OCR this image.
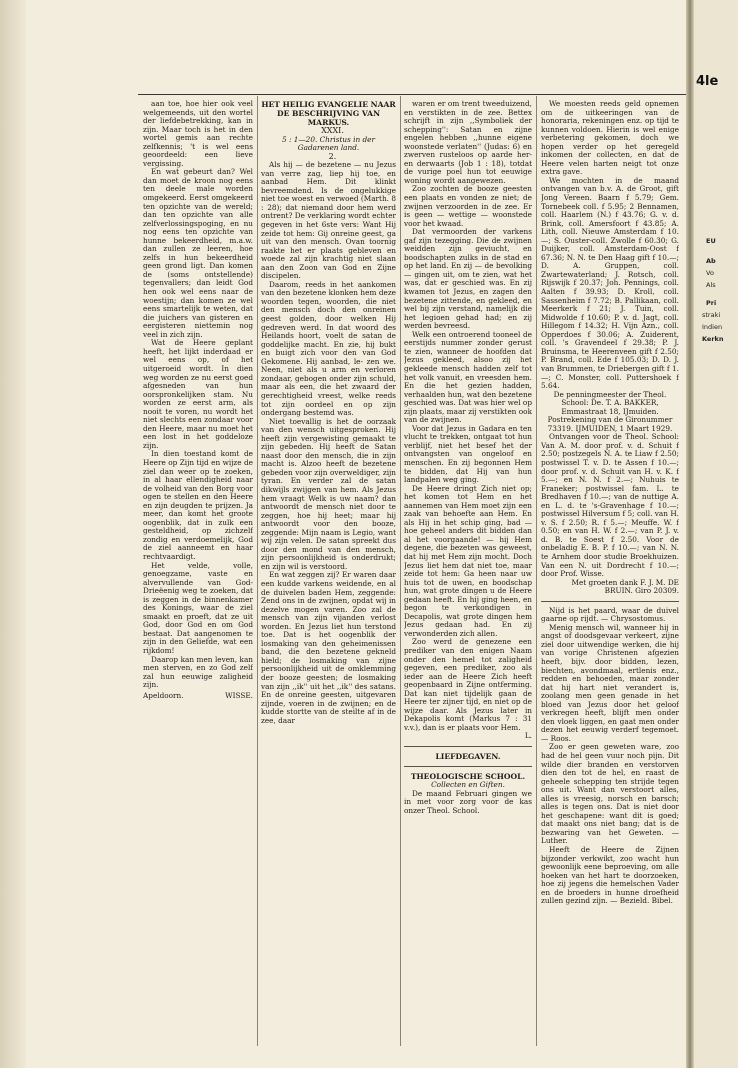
aan toe, hoe hier ook veel welgemeends, uit den wortel der liefdebetrekking, kan in zijn. Maar toch is het in den wortel gemis aan rechte zelfkennis; 't is wel eens geoordeeld: een lieve vergissing.

En wat gebeurt dan? Wel dan moet de kroon nog eens ten deele male worden omgekeerd. Eerst omgekeerd ten opzichte van de wereld; dan ten opzichte van alle zelfverlossingspoging, en nu nog eens ten opzichte van hunne bekeerdheid, m.a.w. dan zullen ze leeren, hoe zelfs in hun bekeerdheid geen grond ligt. Dan komen de (soms ontstellende) tegenvallers; dan leidt God hen ook wel eens naar de woestijn; dan komen ze wel eens smartelijk te weten, dat die juichers van gisteren en eergisteren niettemin nog veel in zich zijn.

Wat de Heere geplant heeft, het lijkt inderdaad er wel eens op, of het uitgeroeid wordt. In dien weg worden ze nu eerst goed afgesneden van hun oorspronkelijken stam. Nu worden ze eerst arm, als nooit te voren, nu wordt het niet slechts een zondaar voor den Heere, maar nu moet het een lost in het goddeloze zijn.

In dien toestand komt de Heere op Zijn tijd en wijze de ziel dan weer op te zoeken, in al haar ellendigheid naar de volheid van den Borg voor ogen te stellen en den Heere en zijn deugden te prijzen. Ja meer, dan komt het groote oogenblik, dat in zulk een gesteldheid, op zichzelf zondig en verdoemelijk, God de ziel aanneemt en haar rechtvaardigt.

Het velde, volle, genoegzame, vaste en alvervullende van God-Drieëenig weg te zoeken, dat is zeggen in de binnenkamer des Konings, waar de ziel smaakt en proeft, dat ze uit God, door God en om God bestaat. Dat aangenomen te zijn in den Geliefde, wat een rijkdom!

Daarop kan men leven, kan men sterven, en zo God zelf zal hun eeuwige zaligheid zijn.

Apeldoorn.	WISSE.

HET HEILIG EVANGELIE NAAR DE BESCHRIJVING VAN MARKUS.

XXXI.

5 : 1—20. Christus in der Gadarenen land.

2.

Als hij — de bezetene — nu Jezus van verre zag, liep hij toe, en aanbad Hem. Dit klinkt bevreemdend. Is de ongelukkige niet toe woest en verwoed (Marth. 8 : 28); dat niemand door hem werd ontrent? De verklaring wordt echter gegeven in het 6ste vers: Want Hij zeide tot hem: Gij onreine geest, ga uit van den mensch. Ovan toornig raakte het er plaats gebleven en woede zal zijn krachtig niet slaan aan den Zoon van God en Zijne discipelen.

Daarom, reeds in het aankomen van den bezetene klonken hem deze woorden tegen, woorden, die niet den mensch doch den onreinen geest golden, door welken Hij gedreven werd. In dat woord des Heilands hoort, voelt de satan de goddelijke macht. En zie, hij bukt en buigt zich voor den van God Gekomene. Hij aanbad, le- zen we. Neen, niet als u arm en verloren zondaar, gebogen onder zijn schuld, maar als een, die het zwaard der gerechtigheid vreest, welke reeds tot zijn oordeel en op zijn ondergang bestemd was.

Niet toevallig is het de oorzaak van den wensch uitgesproken. Hij heeft zijn vergewisting gemaakt te zijn gebeden. Hij heeft de Satan naast door den mensch, die in zijn macht is. Alzoo heeft de bezetene gebeden voor zijn overweldiger, zijn tyran. En verder zal de satan dikwijls zwijgen van hem. Als Jezus hem vraagt Welk is uw naam? dan antwoordt de mensch niet door te zeggen, hoe hij heet; maar hij antwoordt voor den booze, zeggende: Mijn naam is Legio, want wij zijn velen. De satan spreekt dus door den mond van den mensch, zijn persoonlijkheid is onderdrukt; en zijn wil is verstoord.

En wat zeggen zij? Er waren daar een kudde varkens weidende, en al de duivelen baden Hem, zeggende: Zend ons in de zwijnen, opdat wij in dezelve mogen varen. Zoo zal de mensch van zijn vijanden verlost worden. En Jezus liet hun terstond toe. Dat is het oogenblik der losmaking van den geheimenissen band, die den bezetene gekneld hield; de losmaking van zijne persoonlijkheid uit de omklemming der booze geesten; de losmaking van zijn ,,ik'' uit het ,,ik'' des satans. En de onreine geesten, uitgevaren zijnde, voeren in de zwijnen; en de kudde stortte van de steilte af in de zee, daar

waren er om trent tweeduizend, en verstikten in de zee. Bettex schrijft in zijn ,,Symboliek der schepping'': Satan en zijne engelen hebben ,,hunne eigene woonstede verlaten'' (Judas: 6) en zwerven rusteloos op aarde her- en derwaarts (Job 1 : 18), totdat de vurige poel hun tot eeuwige woning wordt aangewezen.

Zoo zochten de booze geesten een plaats en vonden ze niet; de zwijnen verzoorden in de zee. Er is geen — wettige — woonstede voor het kwaad.

Dat vermoorden der varkens gaf zijn tezegging. Die de zwijnen weidden zijn geviucht, en boodschapten zulks in de stad en op het land. En zij — de bevolking — gingen uit, om te zien, wat het was, dat er geschied was. En zij kwamen tot Jezus, en zagen den bezetene zittende, en gekleed, en wel bij zijn verstand, namelijk die het legioen gehad had; en zij werden bevreesd.

Welk een ontroerend tooneel de eerstijds nummer zonder gerust te zien, wanneer de hoofden dat Jezus gekleed, alsoo zij het gekleede mensch hadden zelf tot het volk vanuit, en vreesden hem. En die het gezien hadden, verhaalden hun, wat den bezetene geschied was. Dat was hier wel op zijn plaats, maar zij verstikten ook van de zwijnen.

Voor dat Jezus in Gadara en ten vlucht te trekken, ontgaat tot hun verblijf, niet het besef het der ontvangsten van ongeloof en menschen. En zij begonnen Hem te bidden, dat Hij van hun landpalen weg ging.

De Heere dringt Zich niet op; het komen tot Hem en het aannemen van Hem moet zijn een zaak van behoefte aan Hem. En als Hij in het schip ging, bad — hoe geheel anders dit bidden dan al het voorgaande! — hij Hem degene, die bezeten was geweest, dat hij met Hem zijn mocht. Doch Jezus liet hem dat niet toe, maar zeide tot hem: Ga heen naar uw huis tot de uwen, en boodschap hun, wat grote dingen u de Heere gedaan heeft. En hij ging heen, en begon te verkondigen in Decapolis, wat grote dingen hem Jezus gedaan had. En zij verwonderden zich allen.

Zoo werd de genezene een prediker van den enigen Naam onder den hemel tot zaligheid gegeven, een prediker, zoo als ieder aan de Heere Zich heeft geopenbaard in Zijne ontferming. Dat kan niet tijdelijk gaan de Heere ter zijner tijd, en niet op de wijze daar. Als Jezus later in Dekapolis komt (Markus 7 : 31 v.v.), dan is er plaats voor Hem.

L.

LIEFDEGAVEN.

THEOLOGISCHE SCHOOL.

Collecten en Giften.

De maand Februari gingen we in met voor zorg voor de kas onzer Theol. School.

We moesten reeds geld opnemen om de uitkeeringen van de honoraria, rekeningen enz. op tijd te kunnen voldoen. Hierin is wel enige verbetering gekomen, doch we hopen verder op het geregeld inkomen der collecten, en dat de Heere velen harten neigt tot onze extra gave.

We mochten in de maand ontvangen van b.v. A. de Groot, gift Jong Vereen. Baarn f 5.79; Gem. Tornebeek coll. f 5.95; 2 Bennamen, coll. Haarlem (N.) f 43.76; G. v. d. Brink, coll. Amersfoort f 43.85; A. Lith, coll. Nieuwe Amsterdam f 10.—; S. Ouster-coll. Zwolle f 60.30; G. Duijker, coll. Amsterdam-Oost f 67.36; N. N. te Den Haag gift f 10.—; D. A. Gruppen, coll. Zwartewaterland; J. Rotsch, coll. Rijswijk f 20.37; Joh. Pennings, coll. Aalten f 39.93; D. Kroll, coll. Sassenheim f 7.72; B. Pallikaan, coll. Meerkerk f 21; J. Tuin, coll. Midwolde f 10.60; P. v. d. Jagt, coll. Hillegom f 14.32; H. Vijn Azn., coll. Opperdoes f 30.06; A. Zuiderent, coll. 's Gravendeel f 29.38; P. J. Bruinsma, te Heerenveen gift f 2.50; P. Brand, coll. Ede f 105.03; D. D. J. van Brummen, te Driebergen gift f 1.—; C. Monster, coll. Puttershoek f 5.64.

De penningmeester der Theol. School: De. T. A. BAKKER, Emmastraat 18, IJmuiden. Postrekening van de Gironummer 73319. IJMUIDEN, 1 Maart 1929.

Ontvangen voor de Theol. School: Van A. M. door prof. v. d. Schuit f 2.50; postzegels N. A. te Liaw f 2.50; postwissel T. v. D. te Assen f 10.—; door prof. v. d. Schuit van H. v. K. f 5.—; en N. N. f 2.—; Nuhuis te Franeker; postwissel fam. L. te Bredhaven f 10.—; van de nuttige A. en L. d. te 's-Gravenhage f 10.—; postwissel Hilversum f 5; coll. van H. v. S. f 2.50; R. f 5.—; Meuffe. W. f 0.50; en van H. W. f 2.—; van P. J. v. d. B. te Soest f 2.50. Voor de onbeladig E. B. P. f 10.—; van N. N. te Arnhem door studie Broekhuizen. Van een N. uit Dordrecht f 10.—; door Prof. Wisse.

Met groeten dank F. J. M. DE BRUIN. Giro 20309.

Nijd is het paard, waar de duivel gaarne op rijdt. — Chrysostomus.

Menig mensch wil, wanneer hij in angst of doodsgevaar verkeert, zijne ziel door uitwendige werken, die hij van vorige Christenen afgezien heeft, bijv. door bidden, lezen, biechten, avondmaal, ertlenis enz., redden en behoeden, maar zonder dat hij hart niet verandert is, zoolang men geen genade in het bloed van Jezus door het geloof verkregen heeft, blijft men onder den vloek liggen, en gaat men onder dezen het eeuwig verderf tegemoet. — Roos.

Zoo er geen geweten ware, zoo had de hel geen vuur noch pijn. Dit wilde dier branden en verstorven dien den tot de hel, en raast de geheele schepping ten strijde tegen ons uit. Want dan verstoort alles, alles is vreesig, norsch en barsch; alles is tegen ons. Dat is niet door het geschapene: want dit is goed; dat maakt ons niet bang; dat is de bezwaring van het Geweten. — Luther.

Heeft de Heere de Zijnen bijzonder verkwikt, zoo wacht hun gewoonlijk eene beproeving, om alle hoeken van het hart te doorzoeken, hoe zij jegens die hemelschen Vader en de broeders in hunne droefheid zullen gezind zijn. — Bezield. Bibel.

4le
EU
Ab
Vo
Als
Pri
straki
Indien
Kerkn
